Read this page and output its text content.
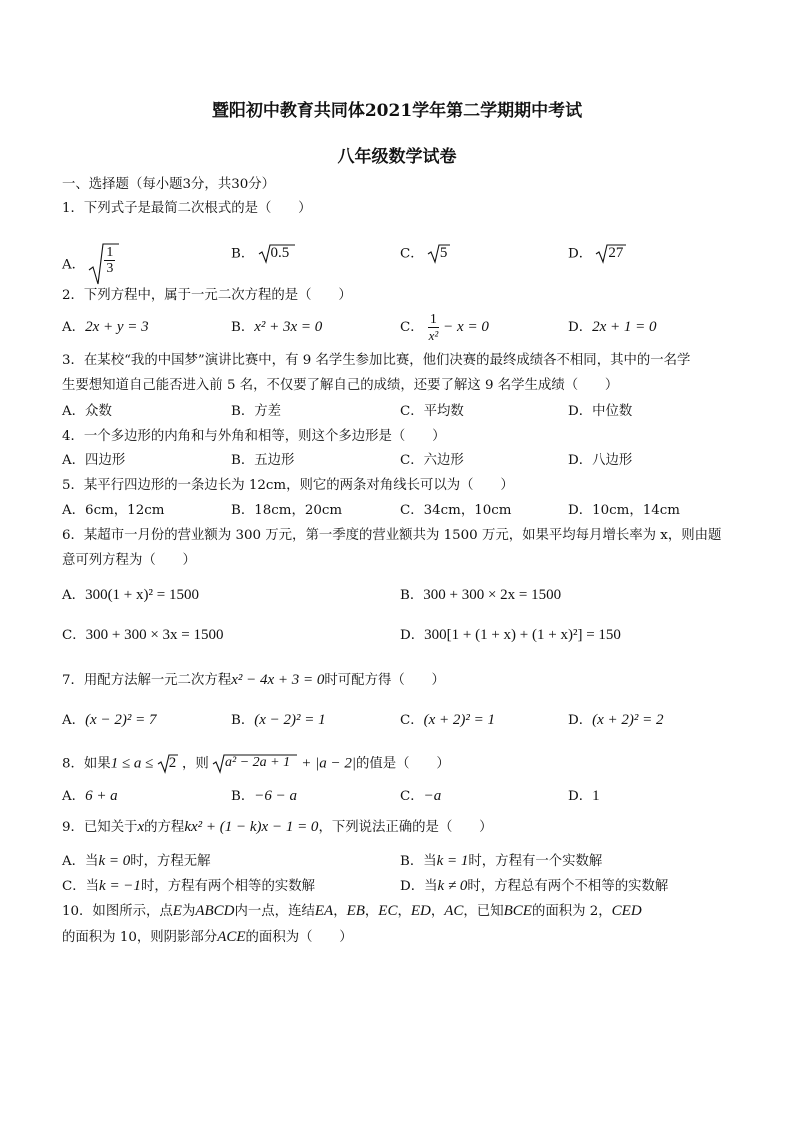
暨阳初中教育共同体2021学年第二学期期中考试
八年级数学试卷
一、选择题（每小题3分，共30分）
1．下列式子是最简二次根式的是（　　）
A． $\frac{1}{3}$	B． 0.5	C． 5	D． 27
2．下列方程中，属于一元二次方程的是（　　）
A．2x + y = 3	B．x² + 3x = 0	C． $\frac{1}{\text{x²}} - x = 0$	D．2x + 1 = 0
3．在某校“我的中国梦”演讲比赛中，有 9 名学生参加比赛，他们决赛的最终成绩各不相同，其中的一名学
生要想知道自己能否进入前 5 名，不仅要了解自己的成绩，还要了解这 9 名学生成绩（　　）
A．众数	B．方差	C．平均数	D．中位数
4．一个多边形的内角和与外角和相等，则这个多边形是（　　）
A．四边形	B．五边形	C．六边形	D．八边形
5．某平行四边形的一条边长为 12cm，则它的两条对角线长可以为（　　）
A．6cm，12cm	B．18cm，20cm	C．34cm，10cm	D．10cm，14cm
6．某超市一月份的营业额为 300 万元，第一季度的营业额共为 1500 万元，如果平均每月增长率为 x，则由题
意可列方程为（　　）
A．300(1 + x)² = 1500	B．300 + 300 × 2x = 1500
C．300 + 300 × 3x = 1500	D．300[1 + (1 + x) + (1 + x)²] = 150
7．用配方法解一元二次方程x² − 4x + 3 = 0时可配方得（　　）
A．(x − 2)² = 7	B．(x − 2)² = 1	C．(x + 2)² = 1	D．(x + 2)² = 2
8．如果1 ≤ a ≤ 2 ，则 a² − 2a + 1 + |a − 2|的值是（　　）
A．6 + a	B．−6 − a	C．−a	D．1
9．已知关于x的方程kx² + (1 − k)x − 1 = 0，下列说法正确的是（　　）
A．当k = 0时，方程无解	B．当k = 1时，方程有一个实数解
C．当k = −1时，方程有两个相等的实数解	D．当k ≠ 0时，方程总有两个不相等的实数解
10．如图所示，点E为ABCD内一点，连结EA，EB，EC，ED，AC，已知BCE的面积为 2，CED
的面积为 10，则阴影部分ACE的面积为（　　）
